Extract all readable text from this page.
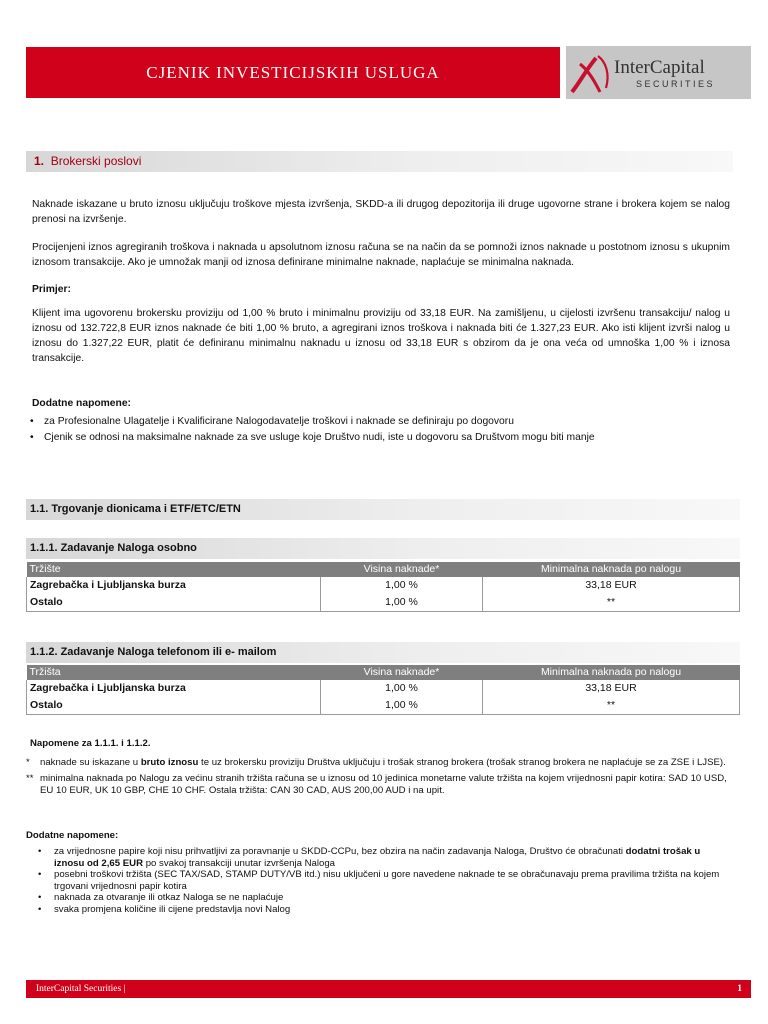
CJENIK INVESTICIJSKIH USLUGA	InterCapital
SECURITIES
1. Brokerski poslovi
Naknade iskazane u bruto iznosu uključuju troškove mjesta izvršenja, SKDD-a ili drugog depozitorija ili druge ugovorne strane i brokera kojem se nalog prenosi na izvršenje.
Procijenjeni iznos agregiranih troškova i naknada u apsolutnom iznosu računa se na način da se pomnoži iznos naknade u postotnom iznosu s ukupnim iznosom transakcije. Ako je umnožak manji od iznosa definirane minimalne naknade, naplaćuje se minimalna naknada.
Primjer:
Klijent ima ugovorenu brokersku proviziju od 1,00 % bruto i minimalnu proviziju od 33,18 EUR. Na zamišljenu, u cijelosti izvršenu transakciju/ nalog u iznosu od 132.722,8 EUR iznos naknade će biti 1,00 % bruto, a agregirani iznos troškova i naknada biti će 1.327,23 EUR. Ako isti klijent izvrši nalog u iznosu do 1.327,22 EUR, platit će definiranu minimalnu naknadu u iznosu od 33,18 EUR s obzirom da je ona veća od umnoška 1,00 % i iznosa transakcije.
Dodatne napomene:
•	za Profesionalne Ulagatelje i Kvalificirane Nalogodavatelje troškovi i naknade se definiraju po dogovoru
•	Cjenik se odnosi na maksimalne naknade za sve usluge koje Društvo nudi, iste u dogovoru sa Društvom mogu biti manje
1.1. Trgovanje dionicama i ETF/ETC/ETN
1.1.1. Zadavanje Naloga osobno
Tržište	Visina naknade*	Minimalna naknada po nalogu
Zagrebačka i Ljubljanska burza	1,00 %	33,18 EUR
Ostalo	1,00 %	**
1.1.2. Zadavanje Naloga telefonom ili e- mailom
Tržišta	Visina naknade*	Minimalna naknada po nalogu
Zagrebačka i Ljubljanska burza	1,00 %	33,18 EUR
Ostalo	1,00 %	**
Napomene za 1.1.1. i 1.1.2.
*	naknade su iskazane u bruto iznosu te uz brokersku proviziju Društva uključuju i trošak stranog brokera (trošak stranog brokera ne naplaćuje se za ZSE i LJSE).
** minimalna naknada po Nalogu za većinu stranih tržišta računa se u iznosu od 10 jedinica monetarne valute tržišta na kojem vrijednosni papir kotira: SAD 10 USD, EU 10 EUR, UK 10 GBP, CHE 10 CHF. Ostala tržišta: CAN 30 CAD, AUS 200,00 AUD i na upit.
Dodatne napomene:
•	za vrijednosne papire koji nisu prihvatljivi za poravnanje u SKDD-CCPu, bez obzira na način zadavanja Naloga, Društvo će obračunati dodatni trošak u iznosu od 2,65 EUR po svakoj transakciji unutar izvršenja Naloga
•	posebni troškovi tržišta (SEC TAX/SAD, STAMP DUTY/VB itd.) nisu uključeni u gore navedene naknade te se obračunavaju prema pravilima tržišta na kojem trgovani vrijednosni papir kotira
•	naknada za otvaranje ili otkaz Naloga se ne naplaćuje
•	svaka promjena količine ili cijene predstavlja novi Nalog
InterCapital Securities |	1
